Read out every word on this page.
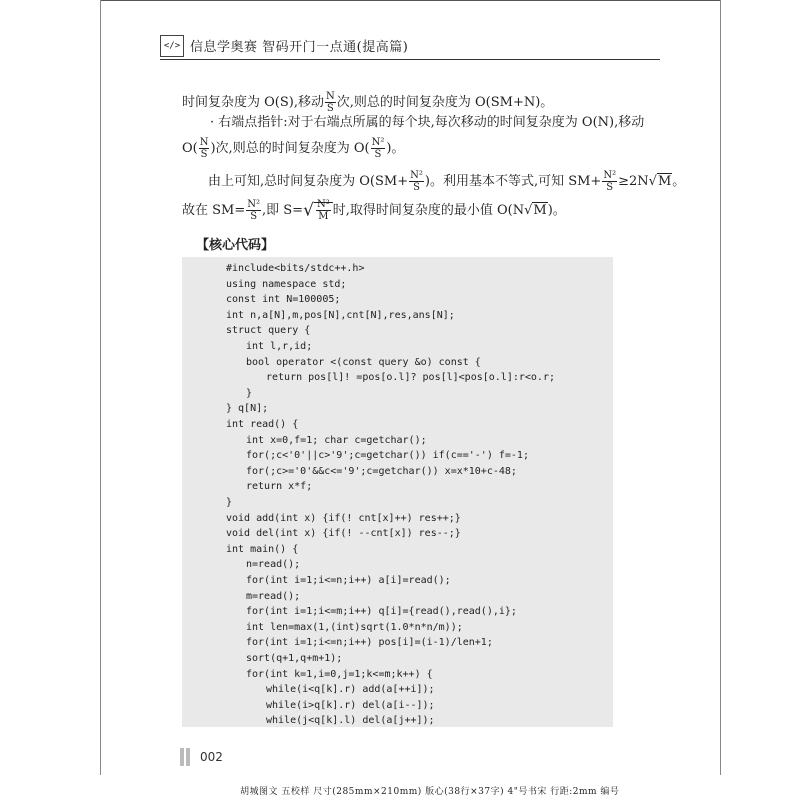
</> 信息学奥赛 智码开门一点通(提高篇)
时间复杂度为 O(S),移动 $\frac{N}{S}$ 次,则总的时间复杂度为 O(SM+N)。
· 右端点指针:对于右端点所属的每个块,每次移动的时间复杂度为 O(N),移动
$O( \frac{N}{S}$ )次,则总的时间复杂度为 $O( \frac{\text{N²}}{S}$ )。
由上可知,总时间复杂度为 $O(SM+ \frac{\text{N²}}{S}$ )。利用基本不等式,可知 $SM+ \frac{\text{N²}}{S} \ge 2N√M$。
故在 $SM= \frac{\text{N²}}{S}$ ,即 $S=√ \frac{\text{N²}}{M}$ 时,取得时间复杂度的最小值 O(N√M)。
【核心代码】
#include<bits/stdc++.h>
using namespace std;
const int N=100005;
int n,a[N],m,pos[N],cnt[N],res,ans[N];
struct query {
int l,r,id;
bool operator <(const query &o) const {
return pos[l]! =pos[o.l]? pos[l]<pos[o.l]:r<o.r;
}
} q[N];
int read() {
int x=0,f=1; char c=getchar();
for(;c<'0'||c>'9';c=getchar()) if(c=='-') f=-1;
for(;c>='0'&&c<='9';c=getchar()) x=x*10+c-48;
return x*f;
}
void add(int x) {if(! cnt[x]++) res++;}
void del(int x) {if(! --cnt[x]) res--;}
int main() {
n=read();
for(int i=1;i<=n;i++) a[i]=read();
m=read();
for(int i=1;i<=m;i++) q[i]={read(),read(),i};
int len=max(1,(int)sqrt(1.0*n*n/m));
for(int i=1;i<=n;i++) pos[i]=(i-1)/len+1;
sort(q+1,q+m+1);
for(int k=1,i=0,j=1;k<=m;k++) {
while(i<q[k].r) add(a[++i]);
while(i>q[k].r) del(a[i--]);
while(j<q[k].l) del(a[j++]);
002
胡城图文 五校样 尺寸(285mm×210mm) 版心(38行×37字) 4"号书宋 行距:2mm 编号
